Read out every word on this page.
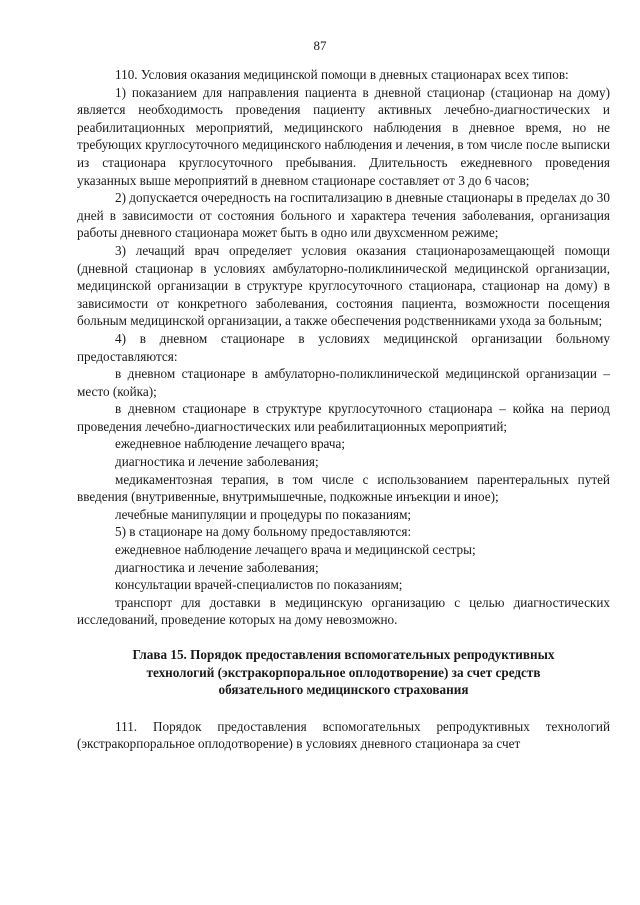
87

110. Условия оказания медицинской помощи в дневных стационарах всех типов:

1) показанием для направления пациента в дневной стационар (стационар на дому) является необходимость проведения пациенту активных лечебно-диагностических и реабилитационных мероприятий, медицинского наблюдения в дневное время, но не требующих круглосуточного медицинского наблюдения и лечения, в том числе после выписки из стационара круглосуточного пребывания. Длительность ежедневного проведения указанных выше мероприятий в дневном стационаре составляет от 3 до 6 часов;

2) допускается очередность на госпитализацию в дневные стационары в пределах до 30 дней в зависимости от состояния больного и характера течения заболевания, организация работы дневного стационара может быть в одно или двухсменном режиме;

3) лечащий врач определяет условия оказания стационарозамещающей помощи (дневной стационар в условиях амбулаторно-поликлинической медицинской организации, медицинской организации в структуре круглосуточного стационара, стационар на дому) в зависимости от конкретного заболевания, состояния пациента, возможности посещения больным медицинской организации, а также обеспечения родственниками ухода за больным;

4) в дневном стационаре в условиях медицинской организации больному предоставляются:

в дневном стационаре в амбулаторно-поликлинической медицинской организации – место (койка);

в дневном стационаре в структуре круглосуточного стационара – койка на период проведения лечебно-диагностических или реабилитационных мероприятий;

ежедневное наблюдение лечащего врача;

диагностика и лечение заболевания;

медикаментозная терапия, в том числе с использованием парентеральных путей введения (внутривенные, внутримышечные, подкожные инъекции и иное);

лечебные манипуляции и процедуры по показаниям;

5) в стационаре на дому больному предоставляются:

ежедневное наблюдение лечащего врача и медицинской сестры;

диагностика и лечение заболевания;

консультации врачей-специалистов по показаниям;

транспорт для доставки в медицинскую организацию с целью диагностических исследований, проведение которых на дому невозможно.

Глава 15. Порядок предоставления вспомогательных репродуктивных
технологий (экстракорпоральное оплодотворение) за счет средств
обязательного медицинского страхования

111. Порядок предоставления вспомогательных репродуктивных технологий (экстракорпоральное оплодотворение) в условиях дневного стационара за счет
